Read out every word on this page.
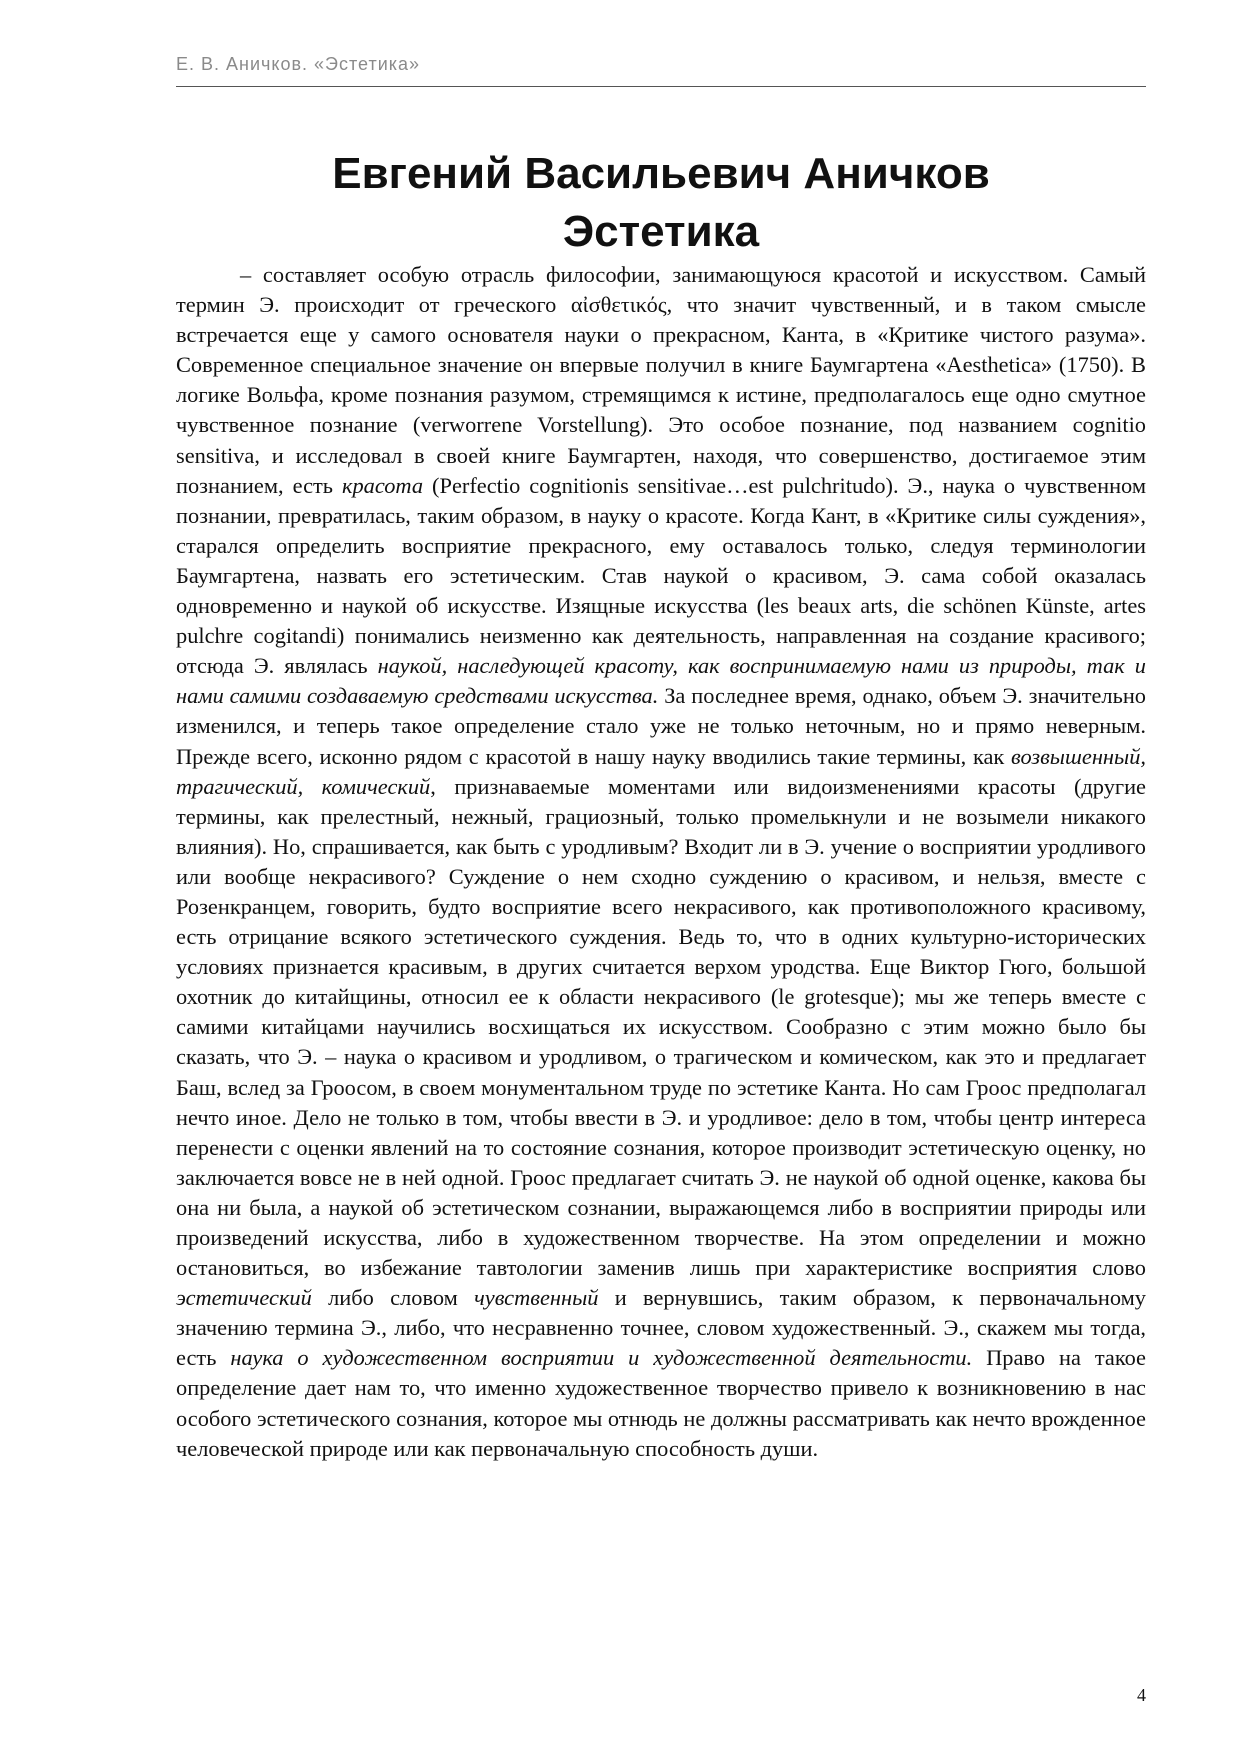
Е. В. Аничков. «Эстетика»
Евгений Васильевич Аничков
Эстетика
– составляет особую отрасль философии, занимающуюся красотой и искусством. Самый термин Э. происходит от греческого αἰσθετικός, что значит чувственный, и в таком смысле встречается еще у самого основателя науки о прекрасном, Канта, в «Критике чистого разума». Современное специальное значение он впервые получил в книге Баумгартена «Aesthetica» (1750). В логике Вольфа, кроме познания разумом, стремящимся к истине, предполагалось еще одно смутное чувственное познание (verworrene Vorstellung). Это особое познание, под названием cognitio sensitiva, и исследовал в своей книге Баумгартен, находя, что совершенство, достигаемое этим познанием, есть красота (Perfectio cognitionis sensitivae…est pulchritudo). Э., наука о чувственном познании, превратилась, таким образом, в науку о красоте. Когда Кант, в «Критике силы суждения», старался определить восприятие прекрасного, ему оставалось только, следуя терминологии Баумгартена, назвать его эстетическим. Став наукой о красивом, Э. сама собой оказалась одновременно и наукой об искусстве. Изящные искусства (les beaux arts, die schönen Künste, artes pulchre cogitandi) понимались неизменно как деятельность, направленная на создание красивого; отсюда Э. являлась наукой, наследующей красоту, как воспринимаемую нами из природы, так и нами самими создаваемую средствами искусства. За последнее время, однако, объем Э. значительно изменился, и теперь такое определение стало уже не только неточным, но и прямо неверным. Прежде всего, исконно рядом с красотой в нашу науку вводились такие термины, как возвышенный, трагический, комический, признаваемые моментами или видоизменениями красоты (другие термины, как прелестный, нежный, грациозный, только промелькнули и не возымели никакого влияния). Но, спрашивается, как быть с уродливым? Входит ли в Э. учение о восприятии уродливого или вообще некрасивого? Суждение о нем сходно суждению о красивом, и нельзя, вместе с Розенкранцем, говорить, будто восприятие всего некрасивого, как противоположного красивому, есть отрицание всякого эстетического суждения. Ведь то, что в одних культурно-исторических условиях признается красивым, в других считается верхом уродства. Еще Виктор Гюго, большой охотник до китайщины, относил ее к области некрасивого (le grotesque); мы же теперь вместе с самими китайцами научились восхищаться их искусством. Сообразно с этим можно было бы сказать, что Э. – наука о красивом и уродливом, о трагическом и комическом, как это и предлагает Баш, вслед за Гроосом, в своем монументальном труде по эстетике Канта. Но сам Гроос предполагал нечто иное. Дело не только в том, чтобы ввести в Э. и уродливое: дело в том, чтобы центр интереса перенести с оценки явлений на то состояние сознания, которое производит эстетическую оценку, но заключается вовсе не в ней одной. Гроос предлагает считать Э. не наукой об одной оценке, какова бы она ни была, а наукой об эстетическом сознании, выражающемся либо в восприятии природы или произведений искусства, либо в художественном творчестве. На этом определении и можно остановиться, во избежание тавтологии заменив лишь при характеристике восприятия слово эстетический либо словом чувственный и вернувшись, таким образом, к первоначальному значению термина Э., либо, что несравненно точнее, словом художественный. Э., скажем мы тогда, есть наука о художественном восприятии и художественной деятельности. Право на такое определение дает нам то, что именно художественное творчество привело к возникновению в нас особого эстетического сознания, которое мы отнюдь не должны рассматривать как нечто врожденное человеческой природе или как первоначальную способность души.
4
